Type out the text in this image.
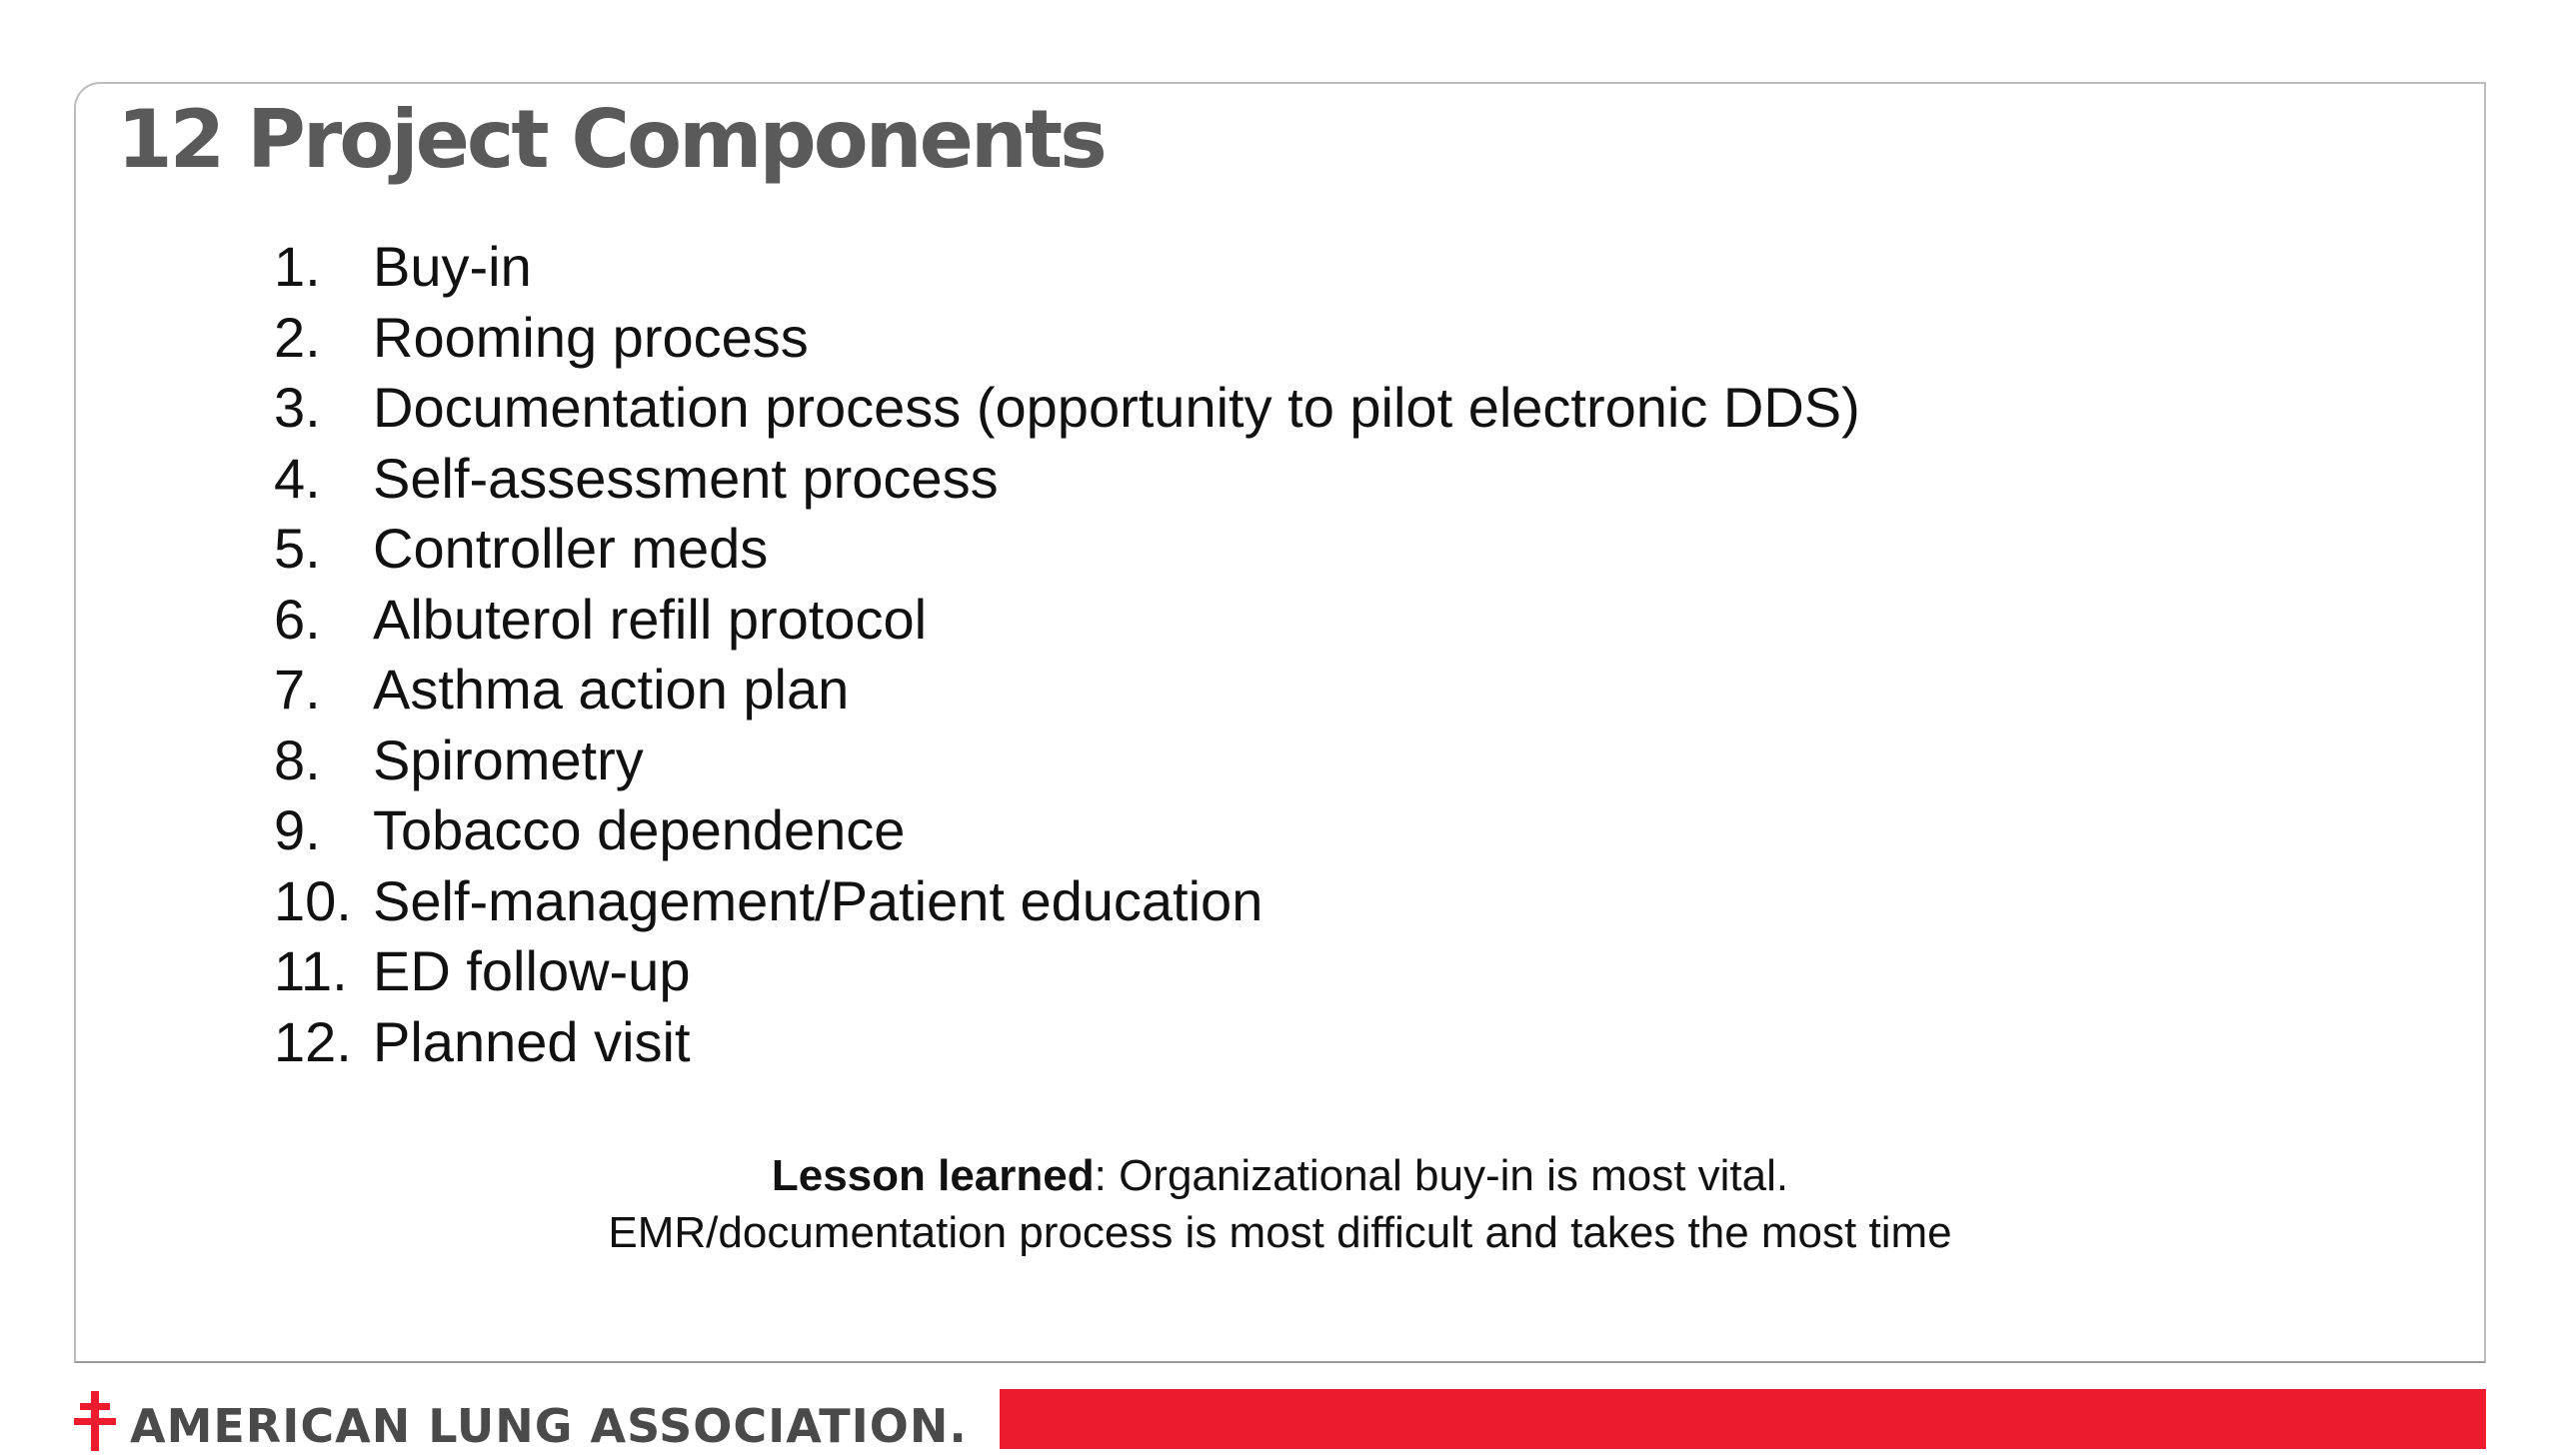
12 Project Components
1. Buy-in
2. Rooming process
3. Documentation process (opportunity to pilot electronic DDS)
4. Self-assessment process
5. Controller meds
6. Albuterol refill protocol
7. Asthma action plan
8. Spirometry
9. Tobacco dependence
10. Self-management/Patient education
11. ED follow-up
12. Planned visit
Lesson learned: Organizational buy-in is most vital.
EMR/documentation process is most difficult and takes the most time
AMERICAN LUNG ASSOCIATION.
